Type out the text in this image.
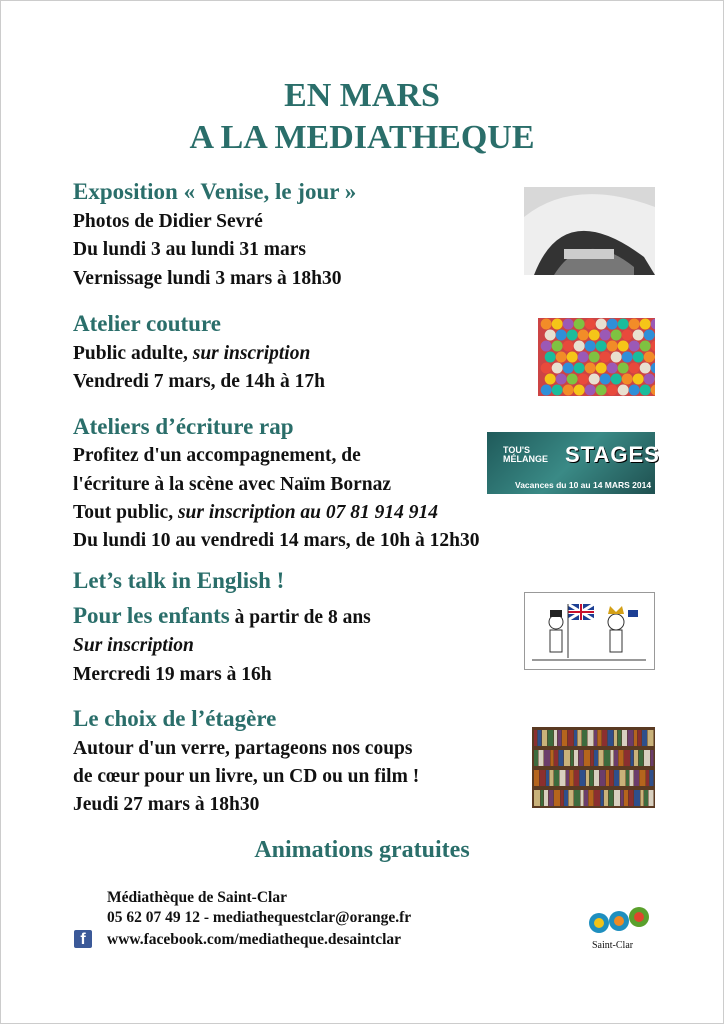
EN MARS
A LA MEDIATHEQUE
Exposition « Venise, le jour »
Photos de Didier Sevré
Du lundi 3 au lundi 31 mars
Vernissage lundi 3 mars à 18h30
Atelier couture
Public adulte, sur inscription
Vendredi 7 mars, de 14h à 17h
Ateliers d’écriture rap
Profitez d'un accompagnement, de
l'écriture à la scène avec Naïm Bornaz
Tout public, sur inscription au 07 81 914 914
Du lundi 10 au vendredi 14 mars, de 10h à 12h30
TOU'S MÉLANGE STAGES
Vacances du 10 au 14 MARS 2014
Let’s talk in English !
Pour les enfants à partir de 8 ans
Sur inscription
Mercredi 19 mars à 16h
Le choix de l’étagère
Autour d'un verre, partageons nos coups
de cœur pour un livre, un CD ou un film !
Jeudi 27 mars à 18h30
Animations gratuites
Médiathèque de Saint-Clar
05 62 07 49 12 - mediathequestclar@orange.fr
www.facebook.com/mediatheque.desaintclar
f	Saint-Clar
